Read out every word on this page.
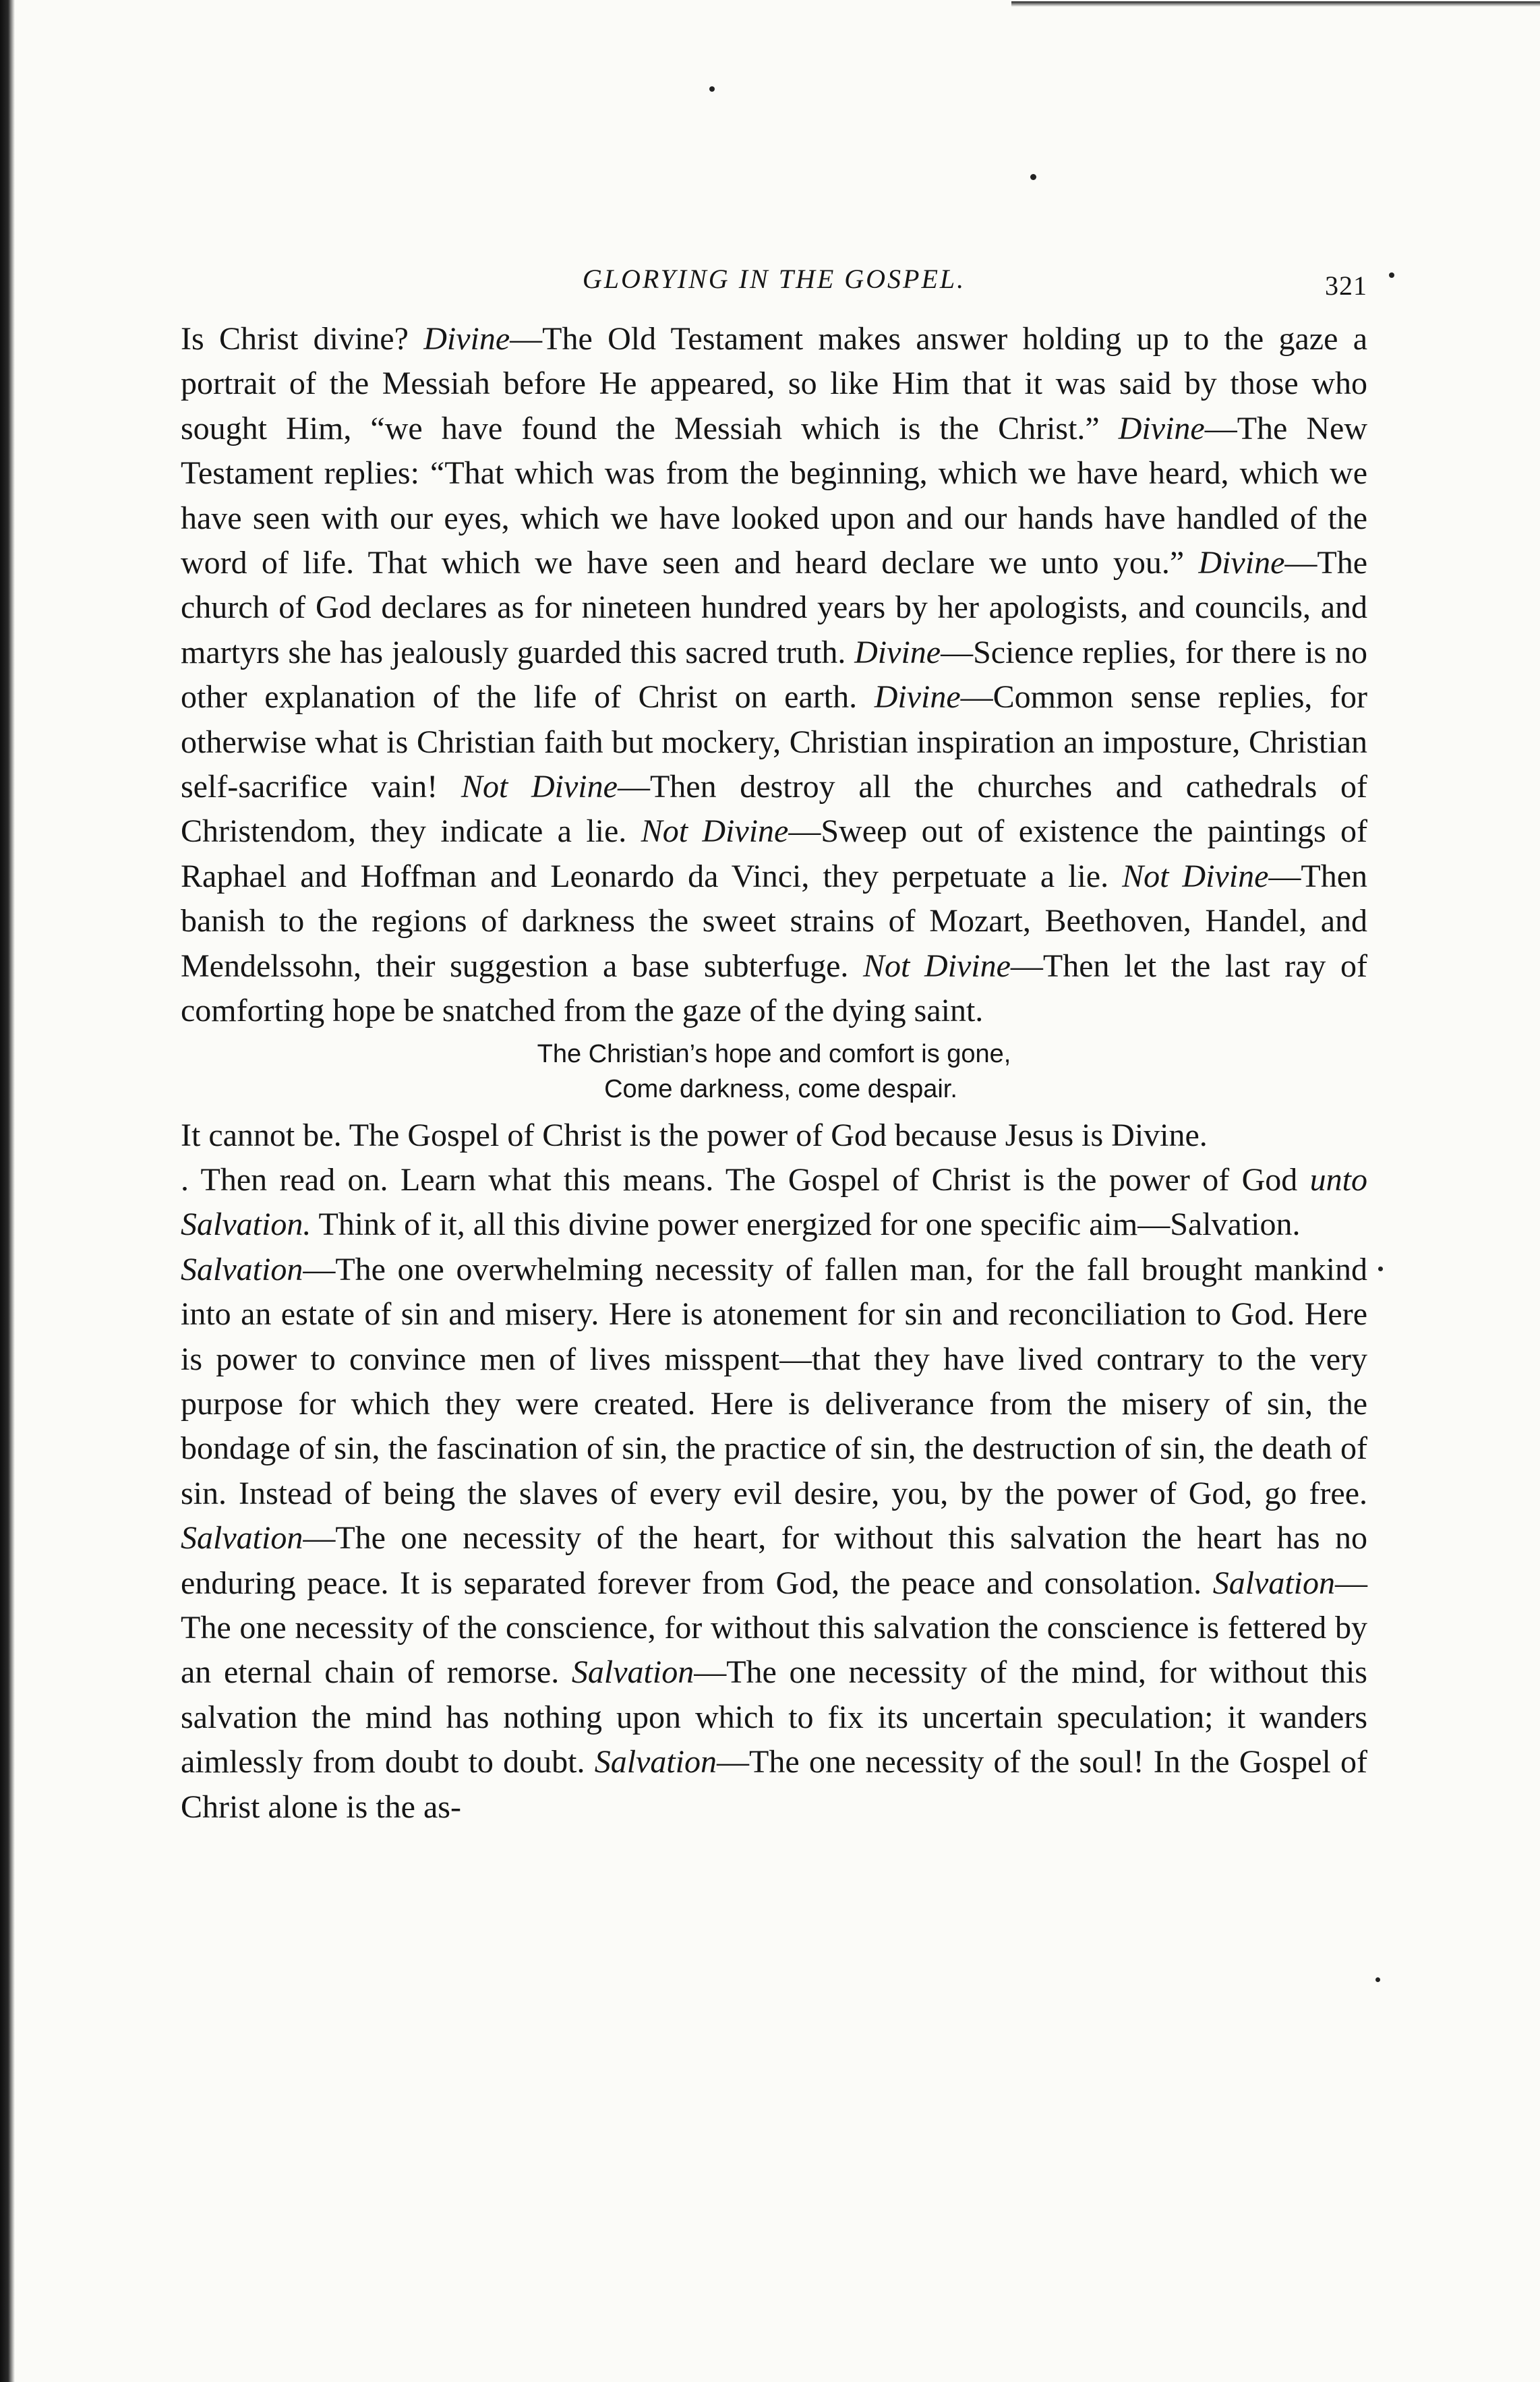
GLORYING IN THE GOSPEL.	321

Is Christ divine? Divine—The Old Testament makes answer holding up to the gaze a portrait of the Messiah before He appeared, so like Him that it was said by those who sought Him, “we have found the Messiah which is the Christ.” Divine—The New Testament replies: “That which was from the beginning, which we have heard, which we have seen with our eyes, which we have looked upon and our hands have handled of the word of life. That which we have seen and heard declare we unto you.” Divine—The church of God declares as for nineteen hundred years by her apologists, and councils, and martyrs she has jealously guarded this sacred truth. Divine—Science replies, for there is no other explanation of the life of Christ on earth. Divine—Common sense replies, for otherwise what is Christian faith but mockery, Christian inspiration an imposture, Christian self-sacrifice vain! Not Divine—Then destroy all the churches and cathedrals of Christendom, they indicate a lie. Not Divine—Sweep out of existence the paintings of Raphael and Hoffman and Leonardo da Vinci, they perpetuate a lie. Not Divine—Then banish to the regions of darkness the sweet strains of Mozart, Beethoven, Handel, and Mendelssohn, their suggestion a base subterfuge. Not Divine—Then let the last ray of comforting hope be snatched from the gaze of the dying saint.

The Christian’s hope and comfort is gone,
Come darkness, come despair.

It cannot be. The Gospel of Christ is the power of God because Jesus is Divine.

. Then read on. Learn what this means. The Gospel of Christ is the power of God unto Salvation. Think of it, all this divine power energized for one specific aim—Salvation.

Salvation—The one overwhelming necessity of fallen man, for the fall brought mankind into an estate of sin and misery. Here is atonement for sin and reconciliation to God. Here is power to convince men of lives misspent—that they have lived contrary to the very purpose for which they were created. Here is deliverance from the misery of sin, the bondage of sin, the fascination of sin, the practice of sin, the destruction of sin, the death of sin. Instead of being the slaves of every evil desire, you, by the power of God, go free. Salvation—The one necessity of the heart, for without this salvation the heart has no enduring peace. It is separated forever from God, the peace and consolation. Salvation—The one necessity of the conscience, for without this salvation the conscience is fettered by an eternal chain of remorse. Salvation—The one necessity of the mind, for without this salvation the mind has nothing upon which to fix its uncertain speculation; it wanders aimlessly from doubt to doubt. Salvation—The one necessity of the soul! In the Gospel of Christ alone is the as-
